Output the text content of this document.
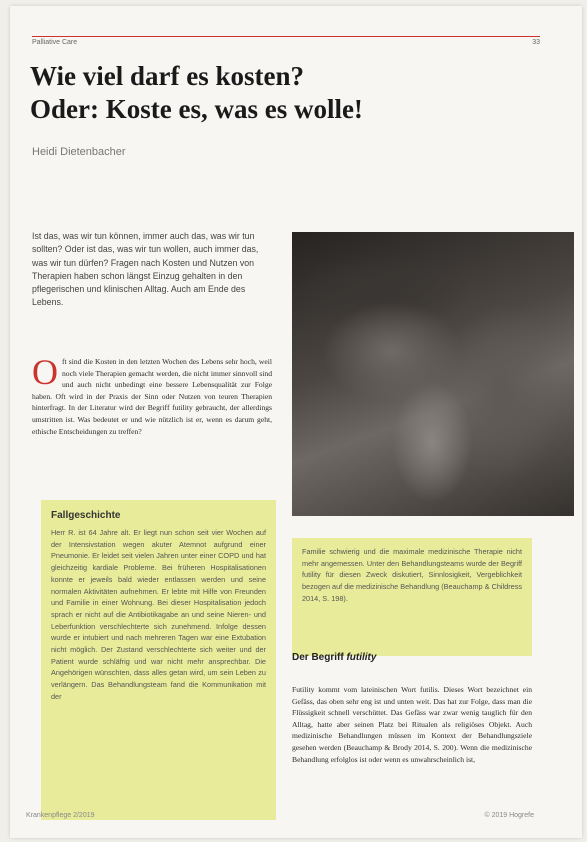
Palliative Care	33
Wie viel darf es kosten?
Oder: Koste es, was es wolle!
Heidi Dietenbacher

Ist das, was wir tun können, immer auch das, was wir tun sollten? Oder ist das, was wir tun wollen, auch immer das, was wir tun dürfen? Fragen nach Kosten und Nutzen von Therapien haben schon längst Einzug gehalten in den pflegerischen und klinischen Alltag. Auch am Ende des Lebens.

Oft sind die Kosten in den letzten Wochen des Lebens sehr hoch, weil noch viele Therapien gemacht werden, die nicht immer sinnvoll sind und auch nicht unbedingt eine bessere Lebensqualität zur Folge haben. Oft wird in der Praxis der Sinn oder Nutzen von teuren Therapien hinterfragt. In der Literatur wird der Begriff futility gebraucht, der allerdings umstritten ist. Was bedeutet er und wie nützlich ist er, wenn es darum geht, ethische Entscheidungen zu treffen?

Fallgeschichte

Herr R. ist 64 Jahre alt. Er liegt nun schon seit vier Wochen auf der Intensivstation wegen akuter Atemnot aufgrund einer Pneumonie. Er leidet seit vielen Jahren unter einer COPD und hat gleichzeitig kardiale Probleme. Bei früheren Hospitalisationen konnte er jeweils bald wieder entlassen werden und seine normalen Aktivitäten aufnehmen. Er lebte mit Hilfe von Freunden und Familie in einer Wohnung. Bei dieser Hospitalisation jedoch sprach er nicht auf die Antibiotikagabe an und seine Nieren- und Leberfunktion verschlechterte sich zunehmend. Infolge dessen wurde er intubiert und nach mehreren Tagen war eine Extubation nicht möglich. Der Zustand verschlechterte sich weiter und der Patient wurde schläfrig und war nicht mehr ansprechbar. Die Angehörigen wünschten, dass alles getan wird, um sein Leben zu verlängern. Das Behandlungsteam fand die Kommunikation mit der

Familie schwierig und die maximale medizinische Therapie nicht mehr angemessen. Unter den Behandlungsteams wurde der Begriff futility für diesen Zweck diskutiert, Sinnlosigkeit, Vergeblichkeit bezogen auf die medizinische Behandlung (Beauchamp & Childress 2014, S. 198).

Der Begriff futility

Futility kommt vom lateinischen Wort futilis. Dieses Wort bezeichnet ein Gefäss, das oben sehr eng ist und unten weit. Das hat zur Folge, dass man die Flüssigkeit schnell verschüttet. Das Gefäss war zwar wenig tauglich für den Alltag, hatte aber seinen Platz bei Ritualen als religiöses Objekt. Auch medizinische Behandlungen müssen im Kontext der Behandlungsziele gesehen werden (Beauchamp & Brody 2014, S. 200). Wenn die medizinische Behandlung erfolglos ist oder wenn es unwahrscheinlich ist,

Krankenpflege 2/2019	© 2019 Hogrefe
